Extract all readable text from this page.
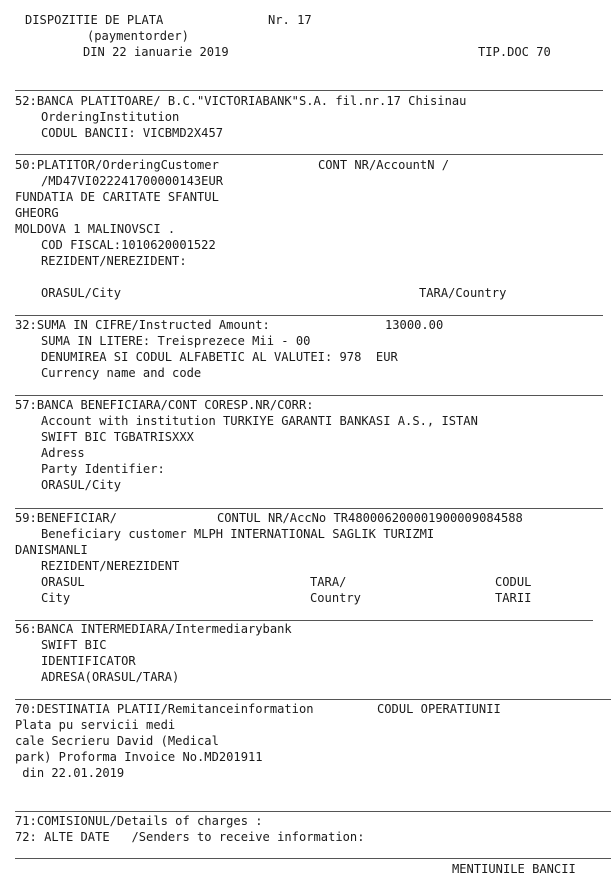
DISPOZITIE DE PLATA	Nr. 17
(paymentorder)
DIN 22 ianuarie 2019	TIP.DOC 70
52:BANCA PLATITOARE/ B.C."VICTORIABANK"S.A. fil.nr.17 Chisinau
OrderingInstitution
CODUL BANCII: VICBMD2X457
50:PLATITOR/OrderingCustomer	CONT NR/AccountN /
/MD47VI022241700000143EUR
FUNDATIA DE CARITATE SFANTUL
GHEORG
MOLDOVA 1 MALINOVSCI .
COD FISCAL:1010620001522
REZIDENT/NEREZIDENT:
ORASUL/City	TARA/Country
32:SUMA IN CIFRE/Instructed Amount:	13000.00
SUMA IN LITERE: Treisprezece Mii - 00
DENUMIREA SI CODUL ALFABETIC AL VALUTEI: 978  EUR
Currency name and code
57:BANCA BENEFICIARA/CONT CORESP.NR/CORR:
Account with institution TURKIYE GARANTI BANKASI A.S., ISTAN
SWIFT BIC TGBATRISXXX
Adress
Party Identifier:
ORASUL/City
59:BENEFICIAR/	CONTUL NR/AccNo TR480006200001900009084588
Beneficiary customer MLPH INTERNATIONAL SAGLIK TURIZMI
DANISMANLI
REZIDENT/NEREZIDENT
ORASUL	TARA/	CODUL
City	Country	TARII
56:BANCA INTERMEDIARA/Intermediarybank
SWIFT BIC
IDENTIFICATOR
ADRESA(ORASUL/TARA)
70:DESTINATIA PLATII/Remitanceinformation	CODUL OPERATIUNII
Plata pu servicii medi
cale Secrieru David (Medical
park) Proforma Invoice No.MD201911
din 22.01.2019
71:COMISIONUL/Details of charges :
72: ALTE DATE   /Senders to receive information:
MENTIUNILE BANCII
